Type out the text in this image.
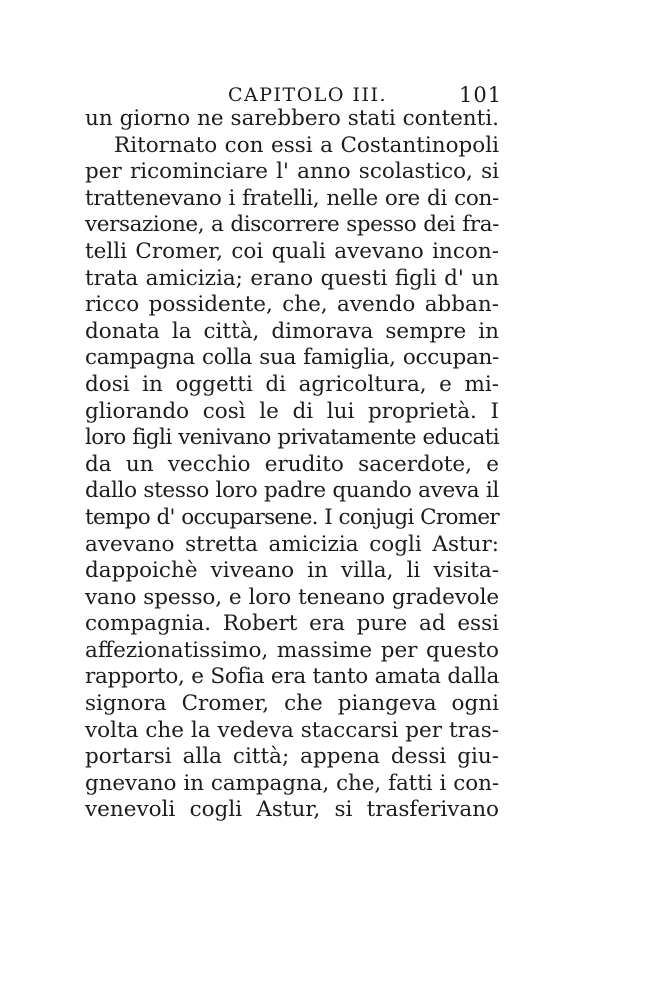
CAPITOLO III.	101
un giorno ne sarebbero stati contenti.
Ritornato con essi a Costantinopoli
per ricominciare l' anno scolastico, si
trattenevano i fratelli, nelle ore di con-
versazione, a discorrere spesso dei fra-
telli Cromer, coi quali avevano incon-
trata amicizia; erano questi figli d' un
ricco possidente, che, avendo abban-
donata la città, dimorava sempre in
campagna colla sua famiglia, occupan-
dosi in oggetti di agricoltura, e mi-
gliorando così le di lui proprietà. I
loro figli venivano privatamente educati
da un vecchio erudito sacerdote, e
dallo stesso loro padre quando aveva il
tempo d' occuparsene. I conjugi Cromer
avevano stretta amicizia cogli Astur:
dappoichè viveano in villa, li visita-
vano spesso, e loro teneano gradevole
compagnia. Robert era pure ad essi
affezionatissimo, massime per questo
rapporto, e Sofia era tanto amata dalla
signora Cromer, che piangeva ogni
volta che la vedeva staccarsi per tras-
portarsi alla città; appena dessi giu-
gnevano in campagna, che, fatti i con-
venevoli cogli Astur, si trasferivano
